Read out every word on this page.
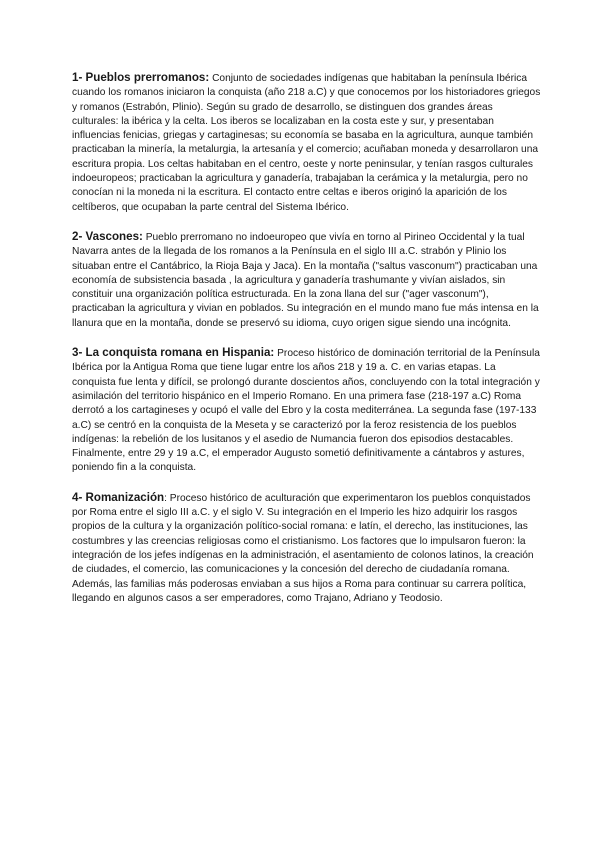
1- Pueblos prerromanos: Conjunto de sociedades indígenas que habitaban la península Ibérica cuando los romanos iniciaron la conquista (año 218 a.C) y que conocemos por los historiadores griegos y romanos (Estrabón, Plinio). Según su grado de desarrollo, se distinguen dos grandes áreas culturales: la ibérica y la celta. Los iberos se localizaban en la costa este y sur, y presentaban influencias fenicias, griegas y cartaginesas; su economía se basaba en la agricultura, aunque también practicaban la minería, la metalurgia, la artesanía y el comercio; acuñaban moneda y desarrollaron una escritura propia. Los celtas habitaban en el centro, oeste y norte peninsular, y tenían rasgos culturales indoeuropeos; practicaban la agricultura y ganadería, trabajaban la cerámica y la metalurgia, pero no conocían ni la moneda ni la escritura. El contacto entre celtas e iberos originó la aparición de los celtíberos, que ocupaban la parte central del Sistema Ibérico.

2- Vascones: Pueblo prerromano no indoeuropeo que vivía en torno al Pirineo Occidental y la tual Navarra antes de la llegada de los romanos a la Península en el siglo III a.C. strabón y Plinio los situaban entre el Cantábrico, la Rioja Baja y Jaca). En la montaña ("saltus vasconum") practicaban una economía de subsistencia basada , la agricultura y ganadería trashumante y vivían aislados, sin constituir una organización política estructurada. En la zona llana del sur ("ager vasconum"), practicaban la agricultura y vivian en poblados. Su integración en el mundo mano fue más intensa en la llanura que en la montaña, donde se preservó su idioma, cuyo origen sigue siendo una incógnita.

3- La conquista romana en Hispania: Proceso histórico de dominación territorial de la Península Ibérica por la Antigua Roma que tiene lugar entre los años 218 y 19 a. C. en varias etapas. La conquista fue lenta y difícil, se prolongó durante doscientos años, concluyendo con la total integración y asimilación del territorio hispánico en el Imperio Romano. En una primera fase (218-197 a.C) Roma derrotó a los cartagineses y ocupó el valle del Ebro y la costa mediterránea. La segunda fase (197-133 a.C) se centró en la conquista de la Meseta y se caracterizó por la feroz resistencia de los pueblos indígenas: la rebelión de los lusitanos y el asedio de Numancia fueron dos episodios destacables. Finalmente, entre 29 y 19 a.C, el emperador Augusto sometió definitivamente a cántabros y astures, poniendo fin a la conquista.

4- Romanización: Proceso histórico de aculturación que experimentaron los pueblos conquistados por Roma entre el siglo III a.C. y el siglo V. Su integración en el Imperio les hizo adquirir los rasgos propios de la cultura y la organización político-social romana: e latín, el derecho, las instituciones, las costumbres y las creencias religiosas como el cristianismo. Los factores que lo impulsaron fueron: la integración de los jefes indígenas en la administración, el asentamiento de colonos latinos, la creación de ciudades, el comercio, las comunicaciones y la concesión del derecho de ciudadanía romana. Además, las familias más poderosas enviaban a sus hijos a Roma para continuar su carrera política, llegando en algunos casos a ser emperadores, como Trajano, Adriano y Teodosio.
